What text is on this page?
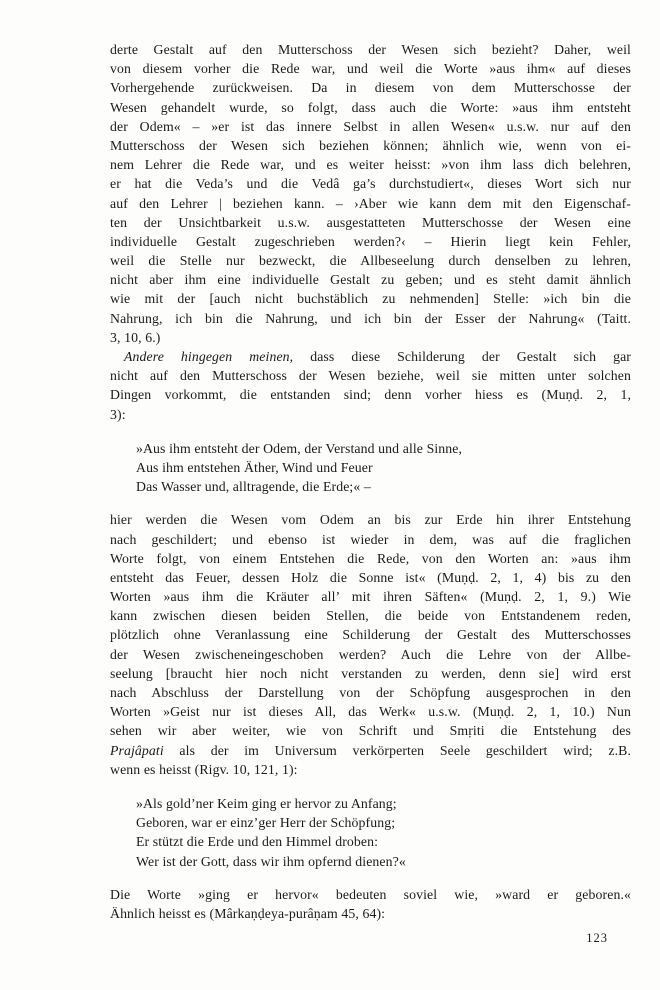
derte Gestalt auf den Mutterschoss der Wesen sich bezieht? Daher, weil
von diesem vorher die Rede war, und weil die Worte »aus ihm« auf dieses
Vorhergehende zurückweisen. Da in diesem von dem Mutterschosse der
Wesen gehandelt wurde, so folgt, dass auch die Worte: »aus ihm entsteht
der Odem« – »er ist das innere Selbst in allen Wesen« u.s.w. nur auf den
Mutterschoss der Wesen sich beziehen können; ähnlich wie, wenn von ei-
nem Lehrer die Rede war, und es weiter heisst: »von ihm lass dich belehren,
er hat die Veda’s und die Vedâ ga’s durchstudiert«, dieses Wort sich nur
auf den Lehrer | beziehen kann. – ›Aber wie kann dem mit den Eigenschaf-
ten der Unsichtbarkeit u.s.w. ausgestatteten Mutterschosse der Wesen eine
individuelle Gestalt zugeschrieben werden?‹ – Hierin liegt kein Fehler,
weil die Stelle nur bezweckt, die Allbeseelung durch denselben zu lehren,
nicht aber ihm eine individuelle Gestalt zu geben; und es steht damit ähnlich
wie mit der [auch nicht buchstäblich zu nehmenden] Stelle: »ich bin die
Nahrung, ich bin die Nahrung, und ich bin der Esser der Nahrung« (Taitt.
3, 10, 6.)
Andere hingegen meinen, dass diese Schilderung der Gestalt sich gar
nicht auf den Mutterschoss der Wesen beziehe, weil sie mitten unter solchen
Dingen vorkommt, die entstanden sind; denn vorher hiess es (Muṇḍ. 2, 1,
3):
»Aus ihm entsteht der Odem, der Verstand und alle Sinne,
Aus ihm entstehen Äther, Wind und Feuer
Das Wasser und, alltragende, die Erde;« –
hier werden die Wesen vom Odem an bis zur Erde hin ihrer Entstehung
nach geschildert; und ebenso ist wieder in dem, was auf die fraglichen
Worte folgt, von einem Entstehen die Rede, von den Worten an: »aus ihm
entsteht das Feuer, dessen Holz die Sonne ist« (Muṇḍ. 2, 1, 4) bis zu den
Worten »aus ihm die Kräuter all’ mit ihren Säften« (Muṇḍ. 2, 1, 9.) Wie
kann zwischen diesen beiden Stellen, die beide von Entstandenem reden,
plötzlich ohne Veranlassung eine Schilderung der Gestalt des Mutterschosses
der Wesen zwischeneingeschoben werden? Auch die Lehre von der Allbe-
seelung [braucht hier noch nicht verstanden zu werden, denn sie] wird erst
nach Abschluss der Darstellung von der Schöpfung ausgesprochen in den
Worten »Geist nur ist dieses All, das Werk« u.s.w. (Muṇḍ. 2, 1, 10.) Nun
sehen wir aber weiter, wie von Schrift und Smṛiti die Entstehung des
Prajâpati als der im Universum verkörperten Seele geschildert wird; z.B.
wenn es heisst (Rigv. 10, 121, 1):
»Als gold’ner Keim ging er hervor zu Anfang;
Geboren, war er einz’ger Herr der Schöpfung;
Er stützt die Erde und den Himmel droben:
Wer ist der Gott, dass wir ihm opfernd dienen?«
Die Worte »ging er hervor« bedeuten soviel wie, »ward er geboren.«
Ähnlich heisst es (Mârkaṇḍeya-purâṇam 45, 64):
123
